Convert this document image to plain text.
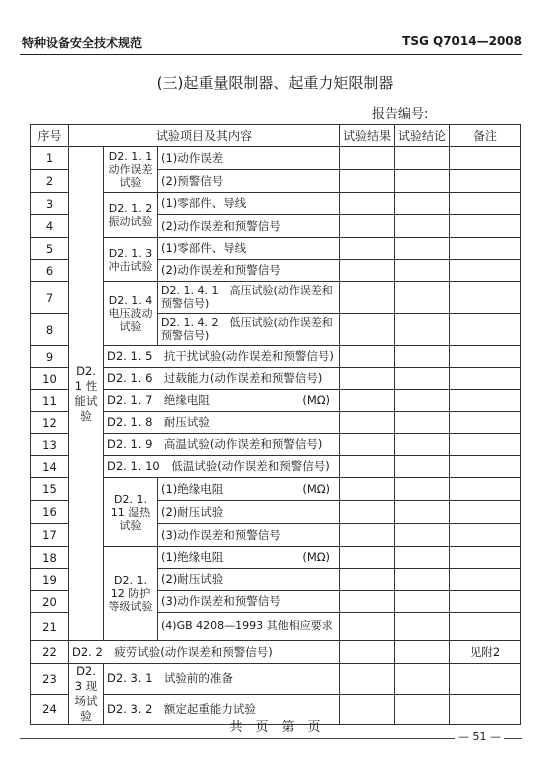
特种设备安全技术规范	TSG Q7014—2008
(三)起重量限制器、起重力矩限制器
报告编号:
序号	试验项目及其内容			试验结果	试验结论	备注
1	D2. 1 性能试验	D2. 1. 1 动作误差试验	(1)动作误差			
2			(2)预警信号			
3		D2. 1. 2 振动试验	(1)零部件、导线			
4			(2)动作误差和预警信号			
5		D2. 1. 3 冲击试验	(1)零部件、导线			
6			(2)动作误差和预警信号			
7		D2. 1. 4 电压波动试验	D2. 1. 4. 1　高压试验(动作误差和预警信号)			
8			D2. 1. 4. 2　低压试验(动作误差和预警信号)			
9		D2. 1. 5　抗干扰试验(动作误差和预警信号)				
10		D2. 1. 6　过载能力(动作误差和预警信号)				
11		D2. 1. 7　绝缘电阻 (MΩ)				

12		D2. 1. 8　耐压试验				
13		D2. 1. 9　高温试验(动作误差和预警信号)				
14		D2. 1. 10　低温试验(动作误差和预警信号)				
15		D2. 1. 11 湿热试验	(1)绝缘电阻 (MΩ)			

16			(2)耐压试验			
17			(3)动作误差和预警信号			
18		D2. 1. 12 防护等级试验	(1)绝缘电阻 (MΩ)			

19			(2)耐压试验			
20			(3)动作误差和预警信号			
21			(4)GB 4208—1993 其他相应要求			
22	D2. 2　疲劳试验(动作误差和预警信号)					见附2
23	D2. 3 现场试验	D2. 3. 1　试验前的准备				
24		D2. 3. 2　额定起重能力试验				
共　页　第　页
— 51 —
